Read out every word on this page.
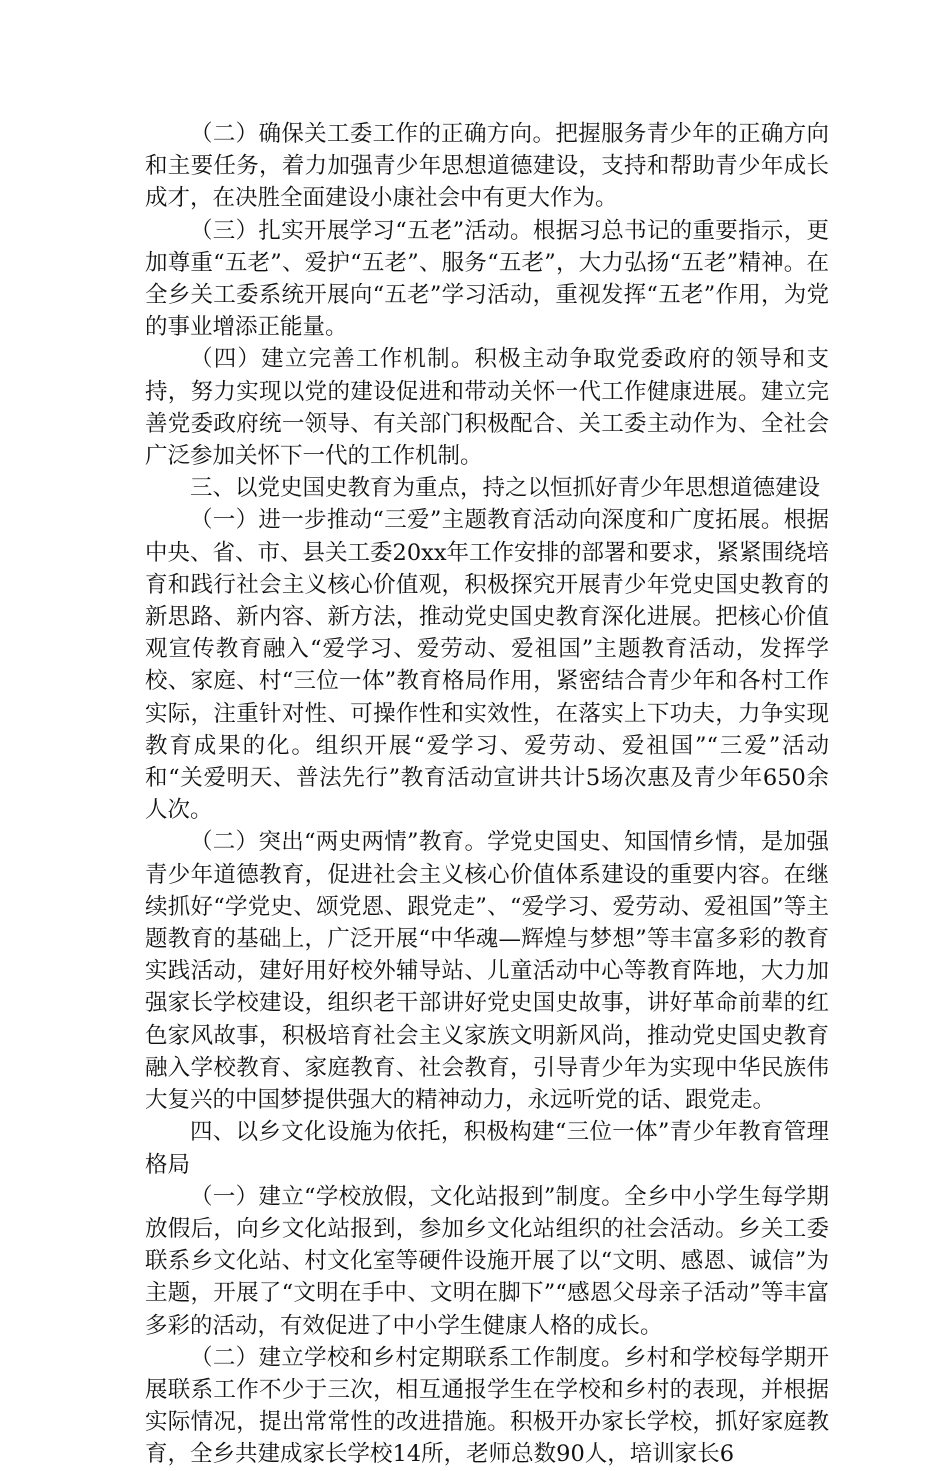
（二）确保关工委工作的正确方向。把握服务青少年的正确方向和主要任务，着力加强青少年思想道德建设，支持和帮助青少年成长成才，在决胜全面建设小康社会中有更大作为。

（三）扎实开展学习“五老”活动。根据习总书记的重要指示，更加尊重“五老”、爱护“五老”、服务“五老”，大力弘扬“五老”精神。在全乡关工委系统开展向“五老”学习活动，重视发挥“五老”作用，为党的事业增添正能量。

（四）建立完善工作机制。积极主动争取党委政府的领导和支持，努力实现以党的建设促进和带动关怀一代工作健康进展。建立完善党委政府统一领导、有关部门积极配合、关工委主动作为、全社会广泛参加关怀下一代的工作机制。

三、以党史国史教育为重点，持之以恒抓好青少年思想道德建设

（一）进一步推动“三爱”主题教育活动向深度和广度拓展。根据中央、省、市、县关工委20xx年工作安排的部署和要求，紧紧围绕培育和践行社会主义核心价值观，积极探究开展青少年党史国史教育的新思路、新内容、新方法，推动党史国史教育深化进展。把核心价值观宣传教育融入“爱学习、爱劳动、爱祖国”主题教育活动，发挥学校、家庭、村“三位一体”教育格局作用，紧密结合青少年和各村工作实际，注重针对性、可操作性和实效性，在落实上下功夫，力争实现教育成果的化。组织开展“爱学习、爱劳动、爱祖国”“三爱”活动和“关爱明天、普法先行”教育活动宣讲共计5场次惠及青少年650余人次。

（二）突出“两史两情”教育。学党史国史、知国情乡情，是加强青少年道德教育，促进社会主义核心价值体系建设的重要内容。在继续抓好“学党史、颂党恩、跟党走”、“爱学习、爱劳动、爱祖国”等主题教育的基础上，广泛开展“中华魂—辉煌与梦想”等丰富多彩的教育实践活动，建好用好校外辅导站、儿童活动中心等教育阵地，大力加强家长学校建设，组织老干部讲好党史国史故事，讲好革命前辈的红色家风故事，积极培育社会主义家族文明新风尚，推动党史国史教育融入学校教育、家庭教育、社会教育，引导青少年为实现中华民族伟大复兴的中国梦提供强大的精神动力，永远听党的话、跟党走。

四、以乡文化设施为依托，积极构建“三位一体”青少年教育管理格局

（一）建立“学校放假，文化站报到”制度。全乡中小学生每学期放假后，向乡文化站报到，参加乡文化站组织的社会活动。乡关工委联系乡文化站、村文化室等硬件设施开展了以“文明、感恩、诚信”为主题，开展了“文明在手中、文明在脚下”“感恩父母亲子活动”等丰富多彩的活动，有效促进了中小学生健康人格的成长。

（二）建立学校和乡村定期联系工作制度。乡村和学校每学期开展联系工作不少于三次，相互通报学生在学校和乡村的表现，并根据实际情况，提出常常性的改进措施。积极开办家长学校，抓好家庭教育，全乡共建成家长学校14所，老师总数90人，培训家长6
